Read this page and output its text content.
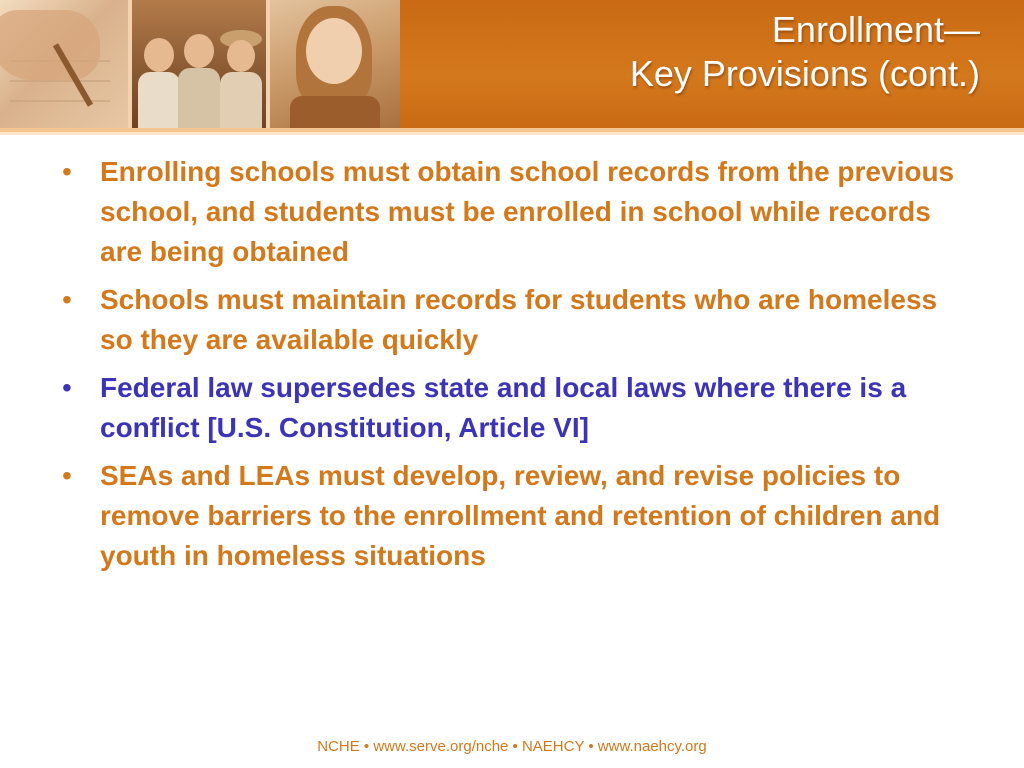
Enrollment—
Key Provisions (cont.)
• Enrolling schools must obtain school records from the previous school, and students must be enrolled in school while records are being obtained
• Schools must maintain records for students who are homeless so they are available quickly
• Federal law supersedes state and local laws where there is a conflict [U.S. Constitution, Article VI]
• SEAs and LEAs must develop, review, and revise policies to remove barriers to the enrollment and retention of children and youth in homeless situations
NCHE • www.serve.org/nche • NAEHCY • www.naehcy.org
